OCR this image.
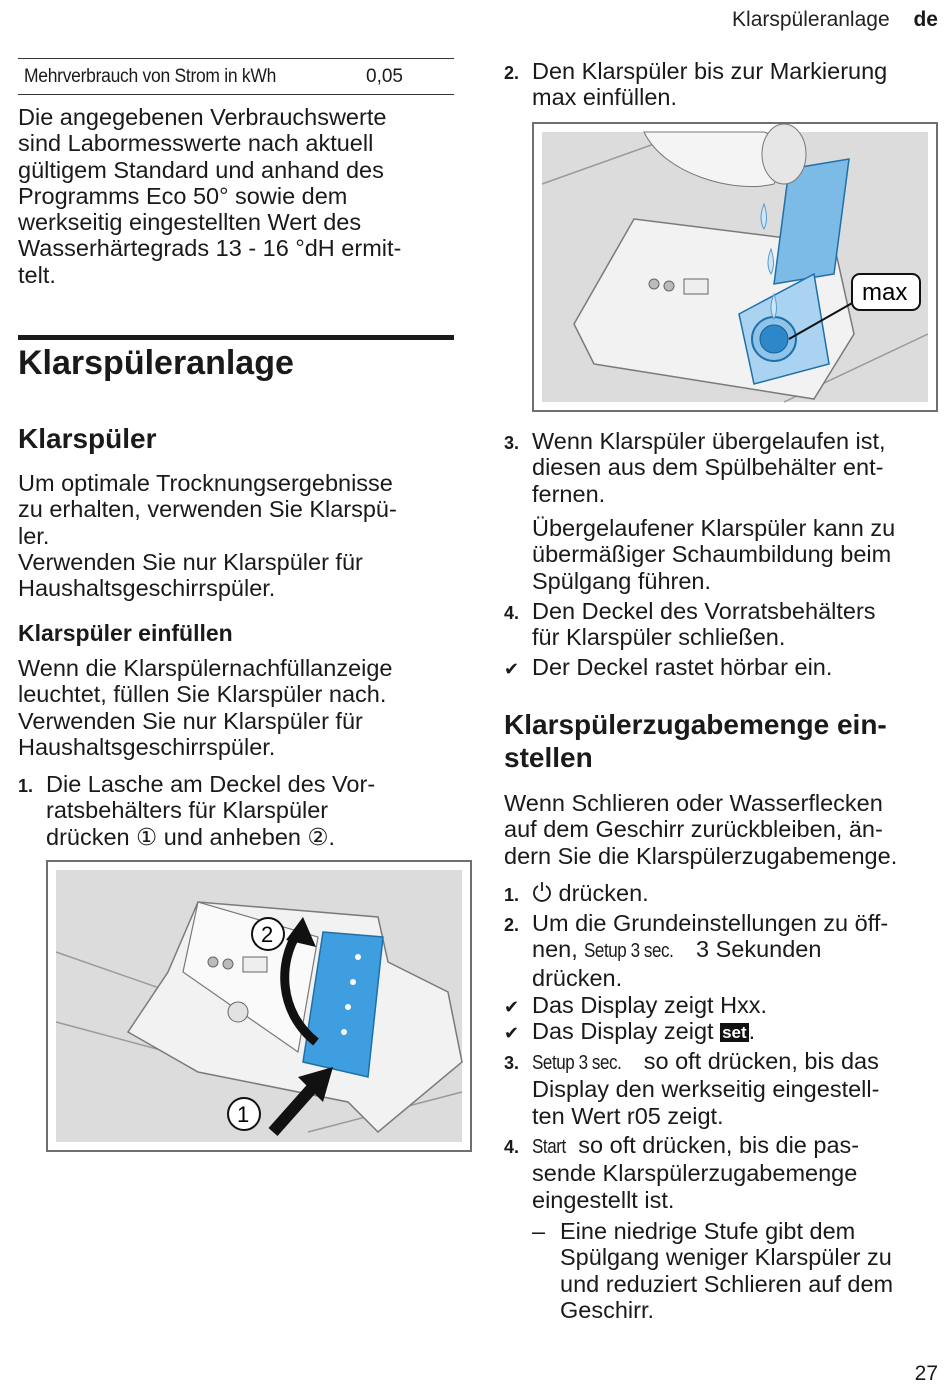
Klarspüleranlage de
Mehrverbrauch von Strom in kWh	0,05
Die angegebenen Verbrauchswerte
sind Labormesswerte nach aktuell
gültigem Standard und anhand des
Programms Eco 50° sowie dem
werkseitig eingestellten Wert des
Wasserhärtegrads 13 - 16 °dH ermit-
telt.
Klarspüleranlage
Klarspüler
Um optimale Trocknungsergebnisse
zu erhalten, verwenden Sie Klarspü-
ler.
Verwenden Sie nur Klarspüler für
Haushaltsgeschirrspüler.
Klarspüler einfüllen
Wenn die Klarspülernachfüllanzeige
leuchtet, füllen Sie Klarspüler nach.
Verwenden Sie nur Klarspüler für
Haushaltsgeschirrspüler.
1. Die Lasche am Deckel des Vor-
ratsbehälters für Klarspüler
drücken ① und anheben ②.
2
1
2. Den Klarspüler bis zur Markierung
max einfüllen.
max
3. Wenn Klarspüler übergelaufen ist,
diesen aus dem Spülbehälter ent-
fernen.
Übergelaufener Klarspüler kann zu
übermäßiger Schaumbildung beim
Spülgang führen.
4. Den Deckel des Vorratsbehälters
für Klarspüler schließen.
✔ Der Deckel rastet hörbar ein.
Klarspülerzugabemenge ein-
stellen
Wenn Schlieren oder Wasserflecken
auf dem Geschirr zurückbleiben, än-
dern Sie die Klarspülerzugabemenge.
1.	drücken.
2. Um die Grundeinstellungen zu öff-
nen, Setup 3 sec. 3 Sekunden
drücken.
✔ Das Display zeigt Hxx.
✔ Das Display zeigt set.
3. Setup 3 sec. so oft drücken, bis das
Display den werkseitig eingestell-
ten Wert r05 zeigt.
4. Start so oft drücken, bis die pas-
sende Klarspülerzugabemenge
eingestellt ist.
– Eine niedrige Stufe gibt dem
Spülgang weniger Klarspüler zu
und reduziert Schlieren auf dem
Geschirr.
27
